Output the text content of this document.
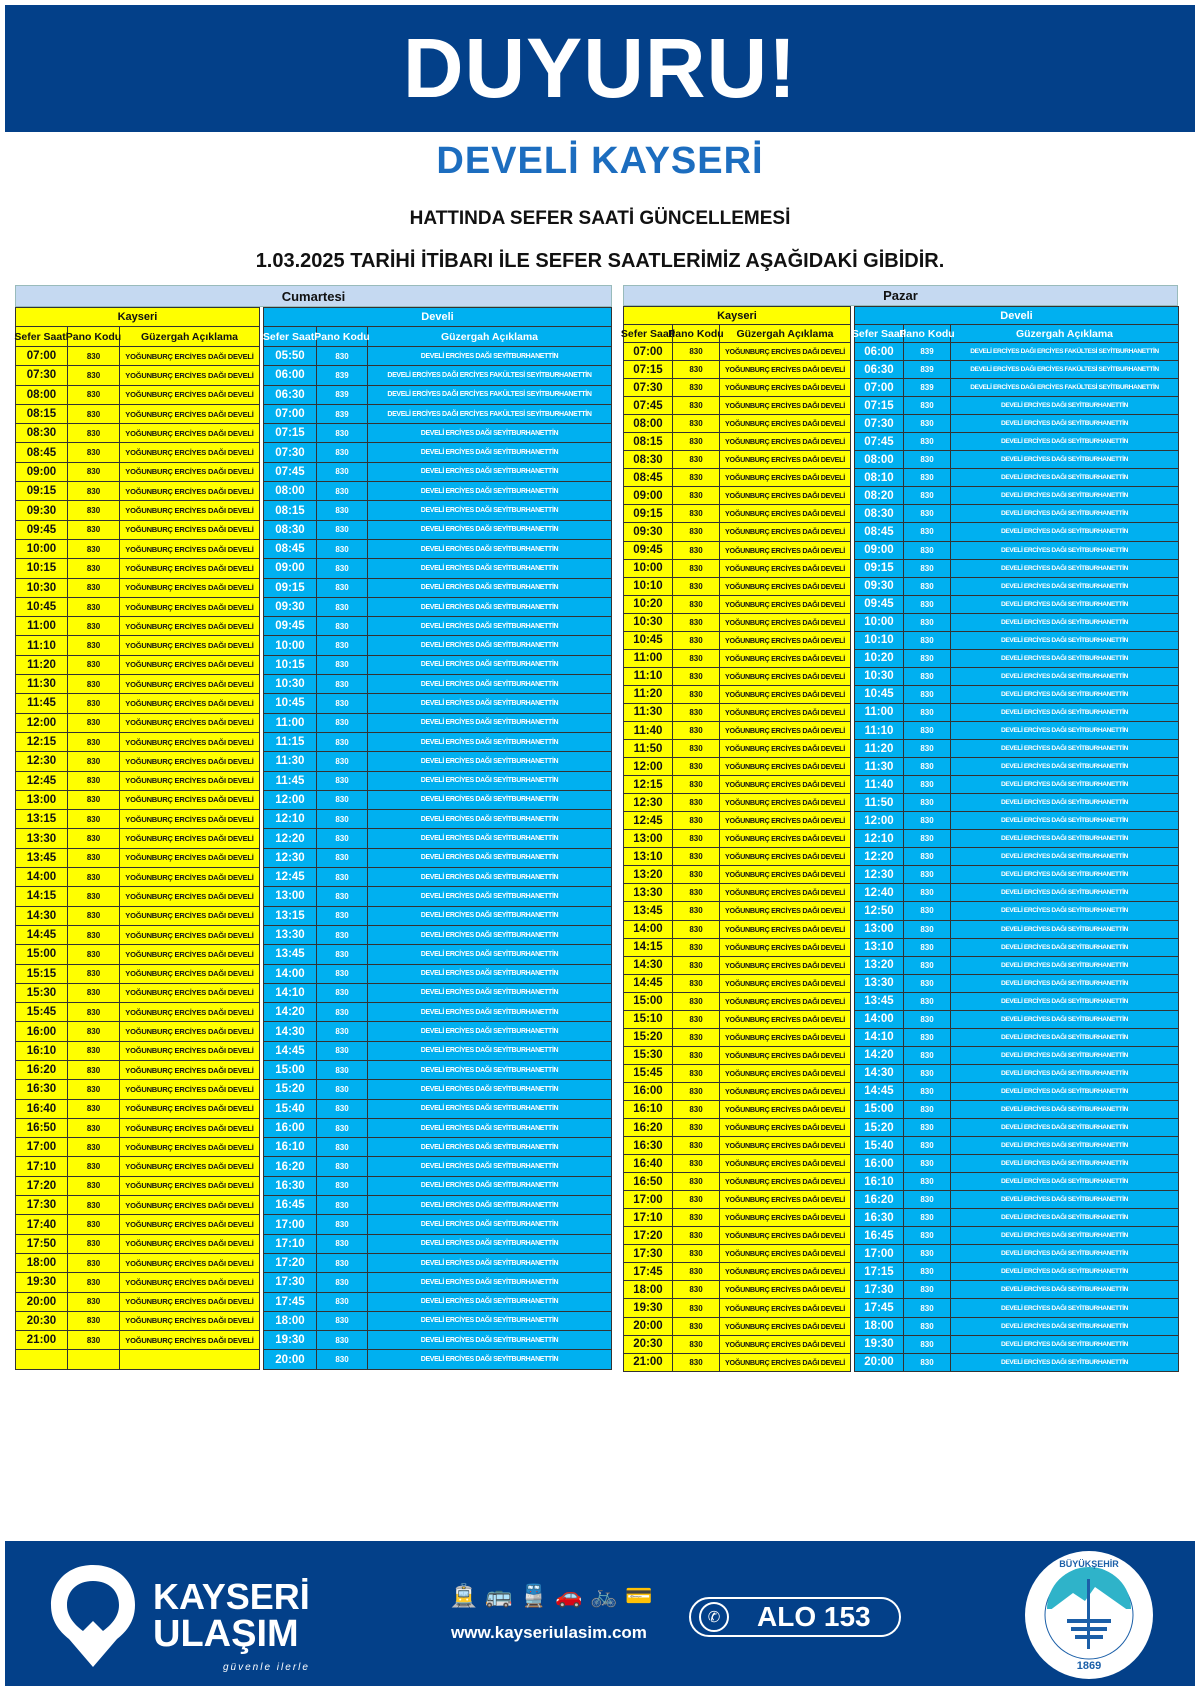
DUYURU!
DEVELİ KAYSERİ
HATTINDA SEFER SAATİ GÜNCELLEMESİ
1.03.2025 TARİHİ İTİBARI İLE SEFER SAATLERİMİZ AŞAĞIDAKİ GİBİDİR.
Cumartesi
Kayseri
Sefer Saati
Pano Kodu	Güzergah Açıklama
07:00	830	YOĞUNBURÇ ERCİYES DAĞI DEVELİ
07:30	830	YOĞUNBURÇ ERCİYES DAĞI DEVELİ
08:00	830	YOĞUNBURÇ ERCİYES DAĞI DEVELİ
08:15	830	YOĞUNBURÇ ERCİYES DAĞI DEVELİ
08:30	830	YOĞUNBURÇ ERCİYES DAĞI DEVELİ
08:45	830	YOĞUNBURÇ ERCİYES DAĞI DEVELİ
09:00	830	YOĞUNBURÇ ERCİYES DAĞI DEVELİ
09:15	830	YOĞUNBURÇ ERCİYES DAĞI DEVELİ
09:30	830	YOĞUNBURÇ ERCİYES DAĞI DEVELİ
09:45	830	YOĞUNBURÇ ERCİYES DAĞI DEVELİ
10:00	830	YOĞUNBURÇ ERCİYES DAĞI DEVELİ
10:15	830	YOĞUNBURÇ ERCİYES DAĞI DEVELİ
10:30	830	YOĞUNBURÇ ERCİYES DAĞI DEVELİ
10:45	830	YOĞUNBURÇ ERCİYES DAĞI DEVELİ
11:00	830	YOĞUNBURÇ ERCİYES DAĞI DEVELİ
11:10	830	YOĞUNBURÇ ERCİYES DAĞI DEVELİ
11:20	830	YOĞUNBURÇ ERCİYES DAĞI DEVELİ
11:30	830	YOĞUNBURÇ ERCİYES DAĞI DEVELİ
11:45	830	YOĞUNBURÇ ERCİYES DAĞI DEVELİ
12:00	830	YOĞUNBURÇ ERCİYES DAĞI DEVELİ
12:15	830	YOĞUNBURÇ ERCİYES DAĞI DEVELİ
12:30	830	YOĞUNBURÇ ERCİYES DAĞI DEVELİ
12:45	830	YOĞUNBURÇ ERCİYES DAĞI DEVELİ
13:00	830	YOĞUNBURÇ ERCİYES DAĞI DEVELİ
13:15	830	YOĞUNBURÇ ERCİYES DAĞI DEVELİ
13:30	830	YOĞUNBURÇ ERCİYES DAĞI DEVELİ
13:45	830	YOĞUNBURÇ ERCİYES DAĞI DEVELİ
14:00	830	YOĞUNBURÇ ERCİYES DAĞI DEVELİ
14:15	830	YOĞUNBURÇ ERCİYES DAĞI DEVELİ
14:30	830	YOĞUNBURÇ ERCİYES DAĞI DEVELİ
14:45	830	YOĞUNBURÇ ERCİYES DAĞI DEVELİ
15:00	830	YOĞUNBURÇ ERCİYES DAĞI DEVELİ
15:15	830	YOĞUNBURÇ ERCİYES DAĞI DEVELİ
15:30	830	YOĞUNBURÇ ERCİYES DAĞI DEVELİ
15:45	830	YOĞUNBURÇ ERCİYES DAĞI DEVELİ
16:00	830	YOĞUNBURÇ ERCİYES DAĞI DEVELİ
16:10	830	YOĞUNBURÇ ERCİYES DAĞI DEVELİ
16:20	830	YOĞUNBURÇ ERCİYES DAĞI DEVELİ
16:30	830	YOĞUNBURÇ ERCİYES DAĞI DEVELİ
16:40	830	YOĞUNBURÇ ERCİYES DAĞI DEVELİ
16:50	830	YOĞUNBURÇ ERCİYES DAĞI DEVELİ
17:00	830	YOĞUNBURÇ ERCİYES DAĞI DEVELİ
17:10	830	YOĞUNBURÇ ERCİYES DAĞI DEVELİ
17:20	830	YOĞUNBURÇ ERCİYES DAĞI DEVELİ
17:30	830	YOĞUNBURÇ ERCİYES DAĞI DEVELİ
17:40	830	YOĞUNBURÇ ERCİYES DAĞI DEVELİ
17:50	830	YOĞUNBURÇ ERCİYES DAĞI DEVELİ
18:00	830	YOĞUNBURÇ ERCİYES DAĞI DEVELİ
19:30	830	YOĞUNBURÇ ERCİYES DAĞI DEVELİ
20:00	830	YOĞUNBURÇ ERCİYES DAĞI DEVELİ
20:30	830	YOĞUNBURÇ ERCİYES DAĞI DEVELİ
21:00	830	YOĞUNBURÇ ERCİYES DAĞI DEVELİ
Develi
Sefer Saati
Pano Kodu	Güzergah Açıklama
05:50	830	DEVELİ ERCİYES DAĞI SEYİTBURHANETTİN
06:00	839	DEVELİ ERCİYES DAĞI ERCİYES FAKÜLTESİ SEYİTBURHANETTİN
06:30	839	DEVELİ ERCİYES DAĞI ERCİYES FAKÜLTESİ SEYİTBURHANETTİN
07:00	839	DEVELİ ERCİYES DAĞI ERCİYES FAKÜLTESİ SEYİTBURHANETTİN
07:15	830	DEVELİ ERCİYES DAĞI SEYİTBURHANETTİN
07:30	830	DEVELİ ERCİYES DAĞI SEYİTBURHANETTİN
07:45	830	DEVELİ ERCİYES DAĞI SEYİTBURHANETTİN
08:00	830	DEVELİ ERCİYES DAĞI SEYİTBURHANETTİN
08:15	830	DEVELİ ERCİYES DAĞI SEYİTBURHANETTİN
08:30	830	DEVELİ ERCİYES DAĞI SEYİTBURHANETTİN
08:45	830	DEVELİ ERCİYES DAĞI SEYİTBURHANETTİN
09:00	830	DEVELİ ERCİYES DAĞI SEYİTBURHANETTİN
09:15	830	DEVELİ ERCİYES DAĞI SEYİTBURHANETTİN
09:30	830	DEVELİ ERCİYES DAĞI SEYİTBURHANETTİN
09:45	830	DEVELİ ERCİYES DAĞI SEYİTBURHANETTİN
10:00	830	DEVELİ ERCİYES DAĞI SEYİTBURHANETTİN
10:15	830	DEVELİ ERCİYES DAĞI SEYİTBURHANETTİN
10:30	830	DEVELİ ERCİYES DAĞI SEYİTBURHANETTİN
10:45	830	DEVELİ ERCİYES DAĞI SEYİTBURHANETTİN
11:00	830	DEVELİ ERCİYES DAĞI SEYİTBURHANETTİN
11:15	830	DEVELİ ERCİYES DAĞI SEYİTBURHANETTİN
11:30	830	DEVELİ ERCİYES DAĞI SEYİTBURHANETTİN
11:45	830	DEVELİ ERCİYES DAĞI SEYİTBURHANETTİN
12:00	830	DEVELİ ERCİYES DAĞI SEYİTBURHANETTİN
12:10	830	DEVELİ ERCİYES DAĞI SEYİTBURHANETTİN
12:20	830	DEVELİ ERCİYES DAĞI SEYİTBURHANETTİN
12:30	830	DEVELİ ERCİYES DAĞI SEYİTBURHANETTİN
12:45	830	DEVELİ ERCİYES DAĞI SEYİTBURHANETTİN
13:00	830	DEVELİ ERCİYES DAĞI SEYİTBURHANETTİN
13:15	830	DEVELİ ERCİYES DAĞI SEYİTBURHANETTİN
13:30	830	DEVELİ ERCİYES DAĞI SEYİTBURHANETTİN
13:45	830	DEVELİ ERCİYES DAĞI SEYİTBURHANETTİN
14:00	830	DEVELİ ERCİYES DAĞI SEYİTBURHANETTİN
14:10	830	DEVELİ ERCİYES DAĞI SEYİTBURHANETTİN
14:20	830	DEVELİ ERCİYES DAĞI SEYİTBURHANETTİN
14:30	830	DEVELİ ERCİYES DAĞI SEYİTBURHANETTİN
14:45	830	DEVELİ ERCİYES DAĞI SEYİTBURHANETTİN
15:00	830	DEVELİ ERCİYES DAĞI SEYİTBURHANETTİN
15:20	830	DEVELİ ERCİYES DAĞI SEYİTBURHANETTİN
15:40	830	DEVELİ ERCİYES DAĞI SEYİTBURHANETTİN
16:00	830	DEVELİ ERCİYES DAĞI SEYİTBURHANETTİN
16:10	830	DEVELİ ERCİYES DAĞI SEYİTBURHANETTİN
16:20	830	DEVELİ ERCİYES DAĞI SEYİTBURHANETTİN
16:30	830	DEVELİ ERCİYES DAĞI SEYİTBURHANETTİN
16:45	830	DEVELİ ERCİYES DAĞI SEYİTBURHANETTİN
17:00	830	DEVELİ ERCİYES DAĞI SEYİTBURHANETTİN
17:10	830	DEVELİ ERCİYES DAĞI SEYİTBURHANETTİN
17:20	830	DEVELİ ERCİYES DAĞI SEYİTBURHANETTİN
17:30	830	DEVELİ ERCİYES DAĞI SEYİTBURHANETTİN
17:45	830	DEVELİ ERCİYES DAĞI SEYİTBURHANETTİN
18:00	830	DEVELİ ERCİYES DAĞI SEYİTBURHANETTİN
19:30	830	DEVELİ ERCİYES DAĞI SEYİTBURHANETTİN
20:00	830	DEVELİ ERCİYES DAĞI SEYİTBURHANETTİN
Pazar
Kayseri
Sefer Saati
Pano Kodu	Güzergah Açıklama
07:00	830	YOĞUNBURÇ ERCİYES DAĞI DEVELİ
07:15	830	YOĞUNBURÇ ERCİYES DAĞI DEVELİ
07:30	830	YOĞUNBURÇ ERCİYES DAĞI DEVELİ
07:45	830	YOĞUNBURÇ ERCİYES DAĞI DEVELİ
08:00	830	YOĞUNBURÇ ERCİYES DAĞI DEVELİ
08:15	830	YOĞUNBURÇ ERCİYES DAĞI DEVELİ
08:30	830	YOĞUNBURÇ ERCİYES DAĞI DEVELİ
08:45	830	YOĞUNBURÇ ERCİYES DAĞI DEVELİ
09:00	830	YOĞUNBURÇ ERCİYES DAĞI DEVELİ
09:15	830	YOĞUNBURÇ ERCİYES DAĞI DEVELİ
09:30	830	YOĞUNBURÇ ERCİYES DAĞI DEVELİ
09:45	830	YOĞUNBURÇ ERCİYES DAĞI DEVELİ
10:00	830	YOĞUNBURÇ ERCİYES DAĞI DEVELİ
10:10	830	YOĞUNBURÇ ERCİYES DAĞI DEVELİ
10:20	830	YOĞUNBURÇ ERCİYES DAĞI DEVELİ
10:30	830	YOĞUNBURÇ ERCİYES DAĞI DEVELİ
10:45	830	YOĞUNBURÇ ERCİYES DAĞI DEVELİ
11:00	830	YOĞUNBURÇ ERCİYES DAĞI DEVELİ
11:10	830	YOĞUNBURÇ ERCİYES DAĞI DEVELİ
11:20	830	YOĞUNBURÇ ERCİYES DAĞI DEVELİ
11:30	830	YOĞUNBURÇ ERCİYES DAĞI DEVELİ
11:40	830	YOĞUNBURÇ ERCİYES DAĞI DEVELİ
11:50	830	YOĞUNBURÇ ERCİYES DAĞI DEVELİ
12:00	830	YOĞUNBURÇ ERCİYES DAĞI DEVELİ
12:15	830	YOĞUNBURÇ ERCİYES DAĞI DEVELİ
12:30	830	YOĞUNBURÇ ERCİYES DAĞI DEVELİ
12:45	830	YOĞUNBURÇ ERCİYES DAĞI DEVELİ
13:00	830	YOĞUNBURÇ ERCİYES DAĞI DEVELİ
13:10	830	YOĞUNBURÇ ERCİYES DAĞI DEVELİ
13:20	830	YOĞUNBURÇ ERCİYES DAĞI DEVELİ
13:30	830	YOĞUNBURÇ ERCİYES DAĞI DEVELİ
13:45	830	YOĞUNBURÇ ERCİYES DAĞI DEVELİ
14:00	830	YOĞUNBURÇ ERCİYES DAĞI DEVELİ
14:15	830	YOĞUNBURÇ ERCİYES DAĞI DEVELİ
14:30	830	YOĞUNBURÇ ERCİYES DAĞI DEVELİ
14:45	830	YOĞUNBURÇ ERCİYES DAĞI DEVELİ
15:00	830	YOĞUNBURÇ ERCİYES DAĞI DEVELİ
15:10	830	YOĞUNBURÇ ERCİYES DAĞI DEVELİ
15:20	830	YOĞUNBURÇ ERCİYES DAĞI DEVELİ
15:30	830	YOĞUNBURÇ ERCİYES DAĞI DEVELİ
15:45	830	YOĞUNBURÇ ERCİYES DAĞI DEVELİ
16:00	830	YOĞUNBURÇ ERCİYES DAĞI DEVELİ
16:10	830	YOĞUNBURÇ ERCİYES DAĞI DEVELİ
16:20	830	YOĞUNBURÇ ERCİYES DAĞI DEVELİ
16:30	830	YOĞUNBURÇ ERCİYES DAĞI DEVELİ
16:40	830	YOĞUNBURÇ ERCİYES DAĞI DEVELİ
16:50	830	YOĞUNBURÇ ERCİYES DAĞI DEVELİ
17:00	830	YOĞUNBURÇ ERCİYES DAĞI DEVELİ
17:10	830	YOĞUNBURÇ ERCİYES DAĞI DEVELİ
17:20	830	YOĞUNBURÇ ERCİYES DAĞI DEVELİ
17:30	830	YOĞUNBURÇ ERCİYES DAĞI DEVELİ
17:45	830	YOĞUNBURÇ ERCİYES DAĞI DEVELİ
18:00	830	YOĞUNBURÇ ERCİYES DAĞI DEVELİ
19:30	830	YOĞUNBURÇ ERCİYES DAĞI DEVELİ
20:00	830	YOĞUNBURÇ ERCİYES DAĞI DEVELİ
20:30	830	YOĞUNBURÇ ERCİYES DAĞI DEVELİ
21:00	830	YOĞUNBURÇ ERCİYES DAĞI DEVELİ
Develi
Sefer Saati
Pano Kodu	Güzergah Açıklama
06:00	839	DEVELİ ERCİYES DAĞI ERCİYES FAKÜLTESİ SEYİTBURHANETTİN
06:30	839	DEVELİ ERCİYES DAĞI ERCİYES FAKÜLTESİ SEYİTBURHANETTİN
07:00	839	DEVELİ ERCİYES DAĞI ERCİYES FAKÜLTESİ SEYİTBURHANETTİN
07:15	830	DEVELİ ERCİYES DAĞI SEYİTBURHANETTİN
07:30	830	DEVELİ ERCİYES DAĞI SEYİTBURHANETTİN
07:45	830	DEVELİ ERCİYES DAĞI SEYİTBURHANETTİN
08:00	830	DEVELİ ERCİYES DAĞI SEYİTBURHANETTİN
08:10	830	DEVELİ ERCİYES DAĞI SEYİTBURHANETTİN
08:20	830	DEVELİ ERCİYES DAĞI SEYİTBURHANETTİN
08:30	830	DEVELİ ERCİYES DAĞI SEYİTBURHANETTİN
08:45	830	DEVELİ ERCİYES DAĞI SEYİTBURHANETTİN
09:00	830	DEVELİ ERCİYES DAĞI SEYİTBURHANETTİN
09:15	830	DEVELİ ERCİYES DAĞI SEYİTBURHANETTİN
09:30	830	DEVELİ ERCİYES DAĞI SEYİTBURHANETTİN
09:45	830	DEVELİ ERCİYES DAĞI SEYİTBURHANETTİN
10:00	830	DEVELİ ERCİYES DAĞI SEYİTBURHANETTİN
10:10	830	DEVELİ ERCİYES DAĞI SEYİTBURHANETTİN
10:20	830	DEVELİ ERCİYES DAĞI SEYİTBURHANETTİN
10:30	830	DEVELİ ERCİYES DAĞI SEYİTBURHANETTİN
10:45	830	DEVELİ ERCİYES DAĞI SEYİTBURHANETTİN
11:00	830	DEVELİ ERCİYES DAĞI SEYİTBURHANETTİN
11:10	830	DEVELİ ERCİYES DAĞI SEYİTBURHANETTİN
11:20	830	DEVELİ ERCİYES DAĞI SEYİTBURHANETTİN
11:30	830	DEVELİ ERCİYES DAĞI SEYİTBURHANETTİN
11:40	830	DEVELİ ERCİYES DAĞI SEYİTBURHANETTİN
11:50	830	DEVELİ ERCİYES DAĞI SEYİTBURHANETTİN
12:00	830	DEVELİ ERCİYES DAĞI SEYİTBURHANETTİN
12:10	830	DEVELİ ERCİYES DAĞI SEYİTBURHANETTİN
12:20	830	DEVELİ ERCİYES DAĞI SEYİTBURHANETTİN
12:30	830	DEVELİ ERCİYES DAĞI SEYİTBURHANETTİN
12:40	830	DEVELİ ERCİYES DAĞI SEYİTBURHANETTİN
12:50	830	DEVELİ ERCİYES DAĞI SEYİTBURHANETTİN
13:00	830	DEVELİ ERCİYES DAĞI SEYİTBURHANETTİN
13:10	830	DEVELİ ERCİYES DAĞI SEYİTBURHANETTİN
13:20	830	DEVELİ ERCİYES DAĞI SEYİTBURHANETTİN
13:30	830	DEVELİ ERCİYES DAĞI SEYİTBURHANETTİN
13:45	830	DEVELİ ERCİYES DAĞI SEYİTBURHANETTİN
14:00	830	DEVELİ ERCİYES DAĞI SEYİTBURHANETTİN
14:10	830	DEVELİ ERCİYES DAĞI SEYİTBURHANETTİN
14:20	830	DEVELİ ERCİYES DAĞI SEYİTBURHANETTİN
14:30	830	DEVELİ ERCİYES DAĞI SEYİTBURHANETTİN
14:45	830	DEVELİ ERCİYES DAĞI SEYİTBURHANETTİN
15:00	830	DEVELİ ERCİYES DAĞI SEYİTBURHANETTİN
15:20	830	DEVELİ ERCİYES DAĞI SEYİTBURHANETTİN
15:40	830	DEVELİ ERCİYES DAĞI SEYİTBURHANETTİN
16:00	830	DEVELİ ERCİYES DAĞI SEYİTBURHANETTİN
16:10	830	DEVELİ ERCİYES DAĞI SEYİTBURHANETTİN
16:20	830	DEVELİ ERCİYES DAĞI SEYİTBURHANETTİN
16:30	830	DEVELİ ERCİYES DAĞI SEYİTBURHANETTİN
16:45	830	DEVELİ ERCİYES DAĞI SEYİTBURHANETTİN
17:00	830	DEVELİ ERCİYES DAĞI SEYİTBURHANETTİN
17:15	830	DEVELİ ERCİYES DAĞI SEYİTBURHANETTİN
17:30	830	DEVELİ ERCİYES DAĞI SEYİTBURHANETTİN
17:45	830	DEVELİ ERCİYES DAĞI SEYİTBURHANETTİN
18:00	830	DEVELİ ERCİYES DAĞI SEYİTBURHANETTİN
19:30	830	DEVELİ ERCİYES DAĞI SEYİTBURHANETTİN
20:00	830	DEVELİ ERCİYES DAĞI SEYİTBURHANETTİN
KAYSERİ
ULAŞIM
güvenle ilerle
🚊 🚌 🚆 🚗 🚲 💳
www.kayseriulasim.com
✆	ALO 153
1869
BÜYÜKŞEHİR
